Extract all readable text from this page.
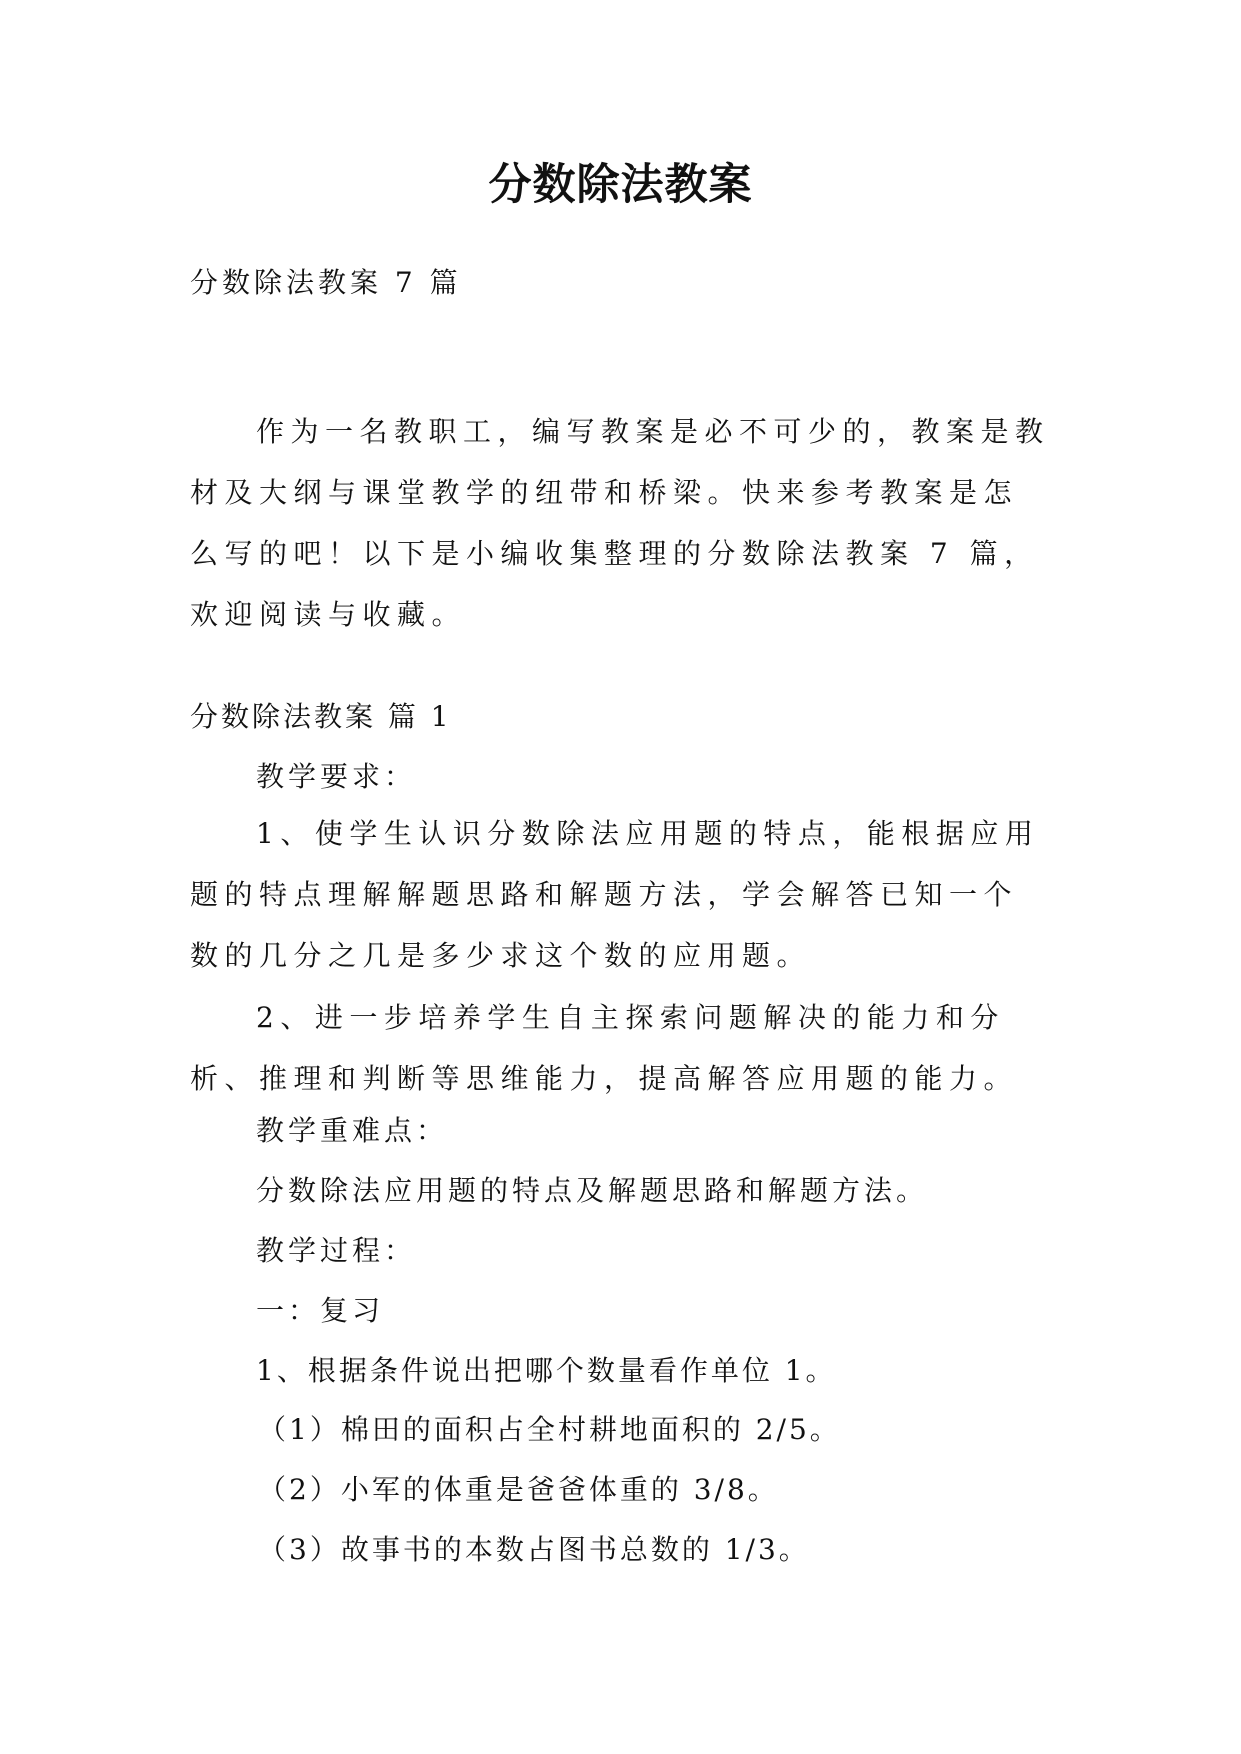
分数除法教案

分数除法教案 7 篇

作为一名教职工，编写教案是必不可少的，教案是教材及大纲与课堂教学的纽带和桥梁。快来参考教案是怎么写的吧！以下是小编收集整理的分数除法教案 7 篇，欢迎阅读与收藏。

分数除法教案 篇 1

教学要求：

1、使学生认识分数除法应用题的特点，能根据应用题的特点理解解题思路和解题方法，学会解答已知一个数的几分之几是多少求这个数的应用题。

2、进一步培养学生自主探索问题解决的能力和分析、推理和判断等思维能力，提高解答应用题的能力。

教学重难点：

分数除法应用题的特点及解题思路和解题方法。

教学过程：

一：复习

1、根据条件说出把哪个数量看作单位 1。

（1）棉田的面积占全村耕地面积的 2/5。

（2）小军的体重是爸爸体重的 3/8。

（3）故事书的本数占图书总数的 1/3。
